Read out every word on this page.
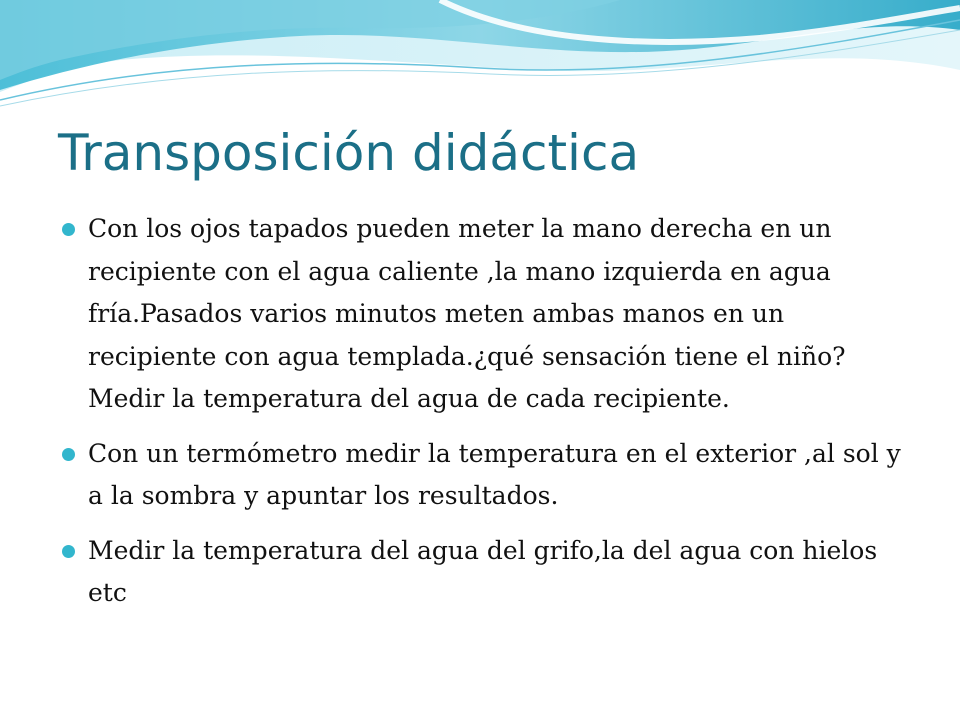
Transposición didáctica
Con los ojos tapados pueden meter la mano derecha en un recipiente con el agua caliente ,la mano izquierda en agua fría.Pasados varios minutos meten ambas manos en un recipiente con agua templada.¿qué sensación tiene el niño?Medir la temperatura del agua de cada recipiente.
Con un termómetro medir la temperatura en el exterior ,al sol y a la sombra y apuntar los resultados.
Medir la temperatura del agua del grifo,la del agua con hielos etc
